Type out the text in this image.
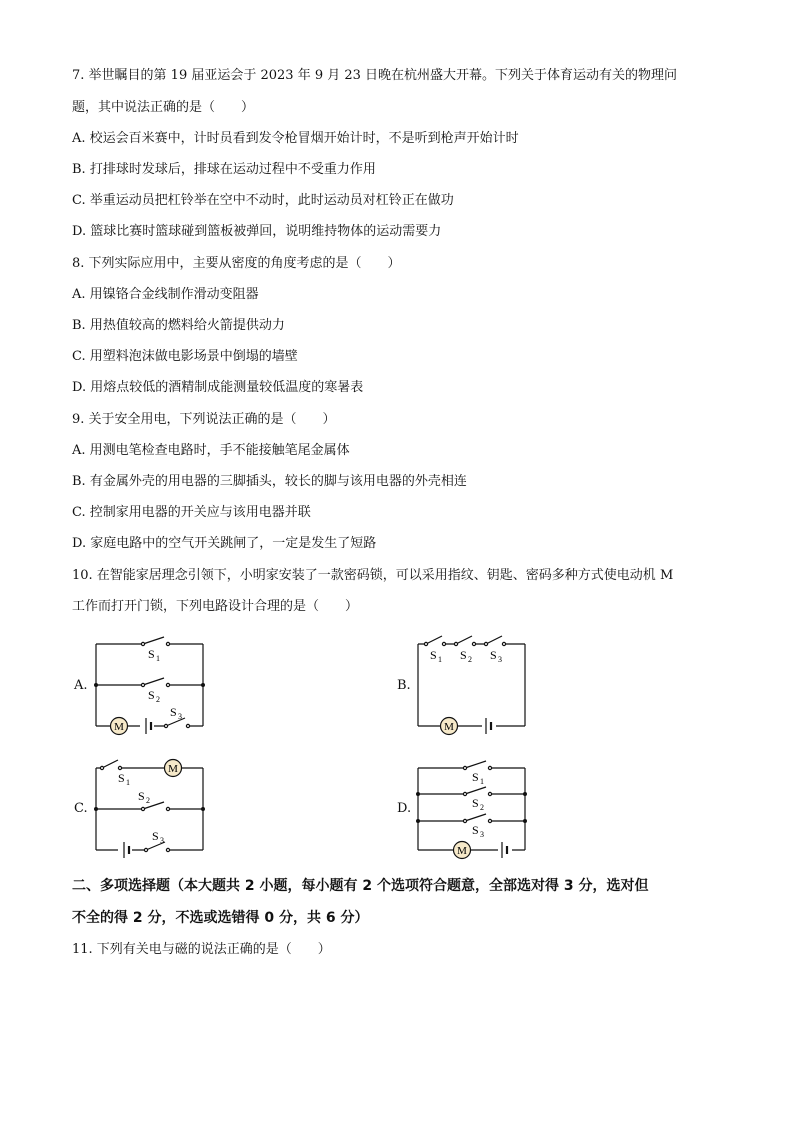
7. 举世瞩目的第 19 届亚运会于 2023 年 9 月 23 日晚在杭州盛大开幕。下列关于体育运动有关的物理问
题，其中说法正确的是（　　）
A. 校运会百米赛中，计时员看到发令枪冒烟开始计时，不是听到枪声开始计时
B. 打排球时发球后，排球在运动过程中不受重力作用
C. 举重运动员把杠铃举在空中不动时，此时运动员对杠铃正在做功
D. 篮球比赛时篮球碰到篮板被弹回，说明维持物体的运动需要力
8. 下列实际应用中，主要从密度的角度考虑的是（　　）
A. 用镍铬合金线制作滑动变阻器
B. 用热值较高的燃料给火箭提供动力
C. 用塑料泡沫做电影场景中倒塌的墙壁
D. 用熔点较低的酒精制成能测量较低温度的寒暑表
9. 关于安全用电，下列说法正确的是（　　）
A. 用测电笔检查电路时，手不能接触笔尾金属体
B. 有金属外壳的用电器的三脚插头，较长的脚与该用电器的外壳相连
C. 控制家用电器的开关应与该用电器并联
D. 家庭电路中的空气开关跳闸了，一定是发生了短路
10. 在智能家居理念引领下，小明家安装了一款密码锁，可以采用指纹、钥匙、密码多种方式使电动机 M
工作而打开门锁，下列电路设计合理的是（　　）
A.	B.
C.	D.
M
S 1
S 2
S 3
M
S 1 S 2 S 3
M
S 1
S 2
S 3
M
S 1
S 2
S 3
二、多项选择题（本大题共 2 小题，每小题有 2 个选项符合题意，全部选对得 3 分，选对但
不全的得 2 分，不选或选错得 0 分，共 6 分）
11. 下列有关电与磁的说法正确的是（　　）
